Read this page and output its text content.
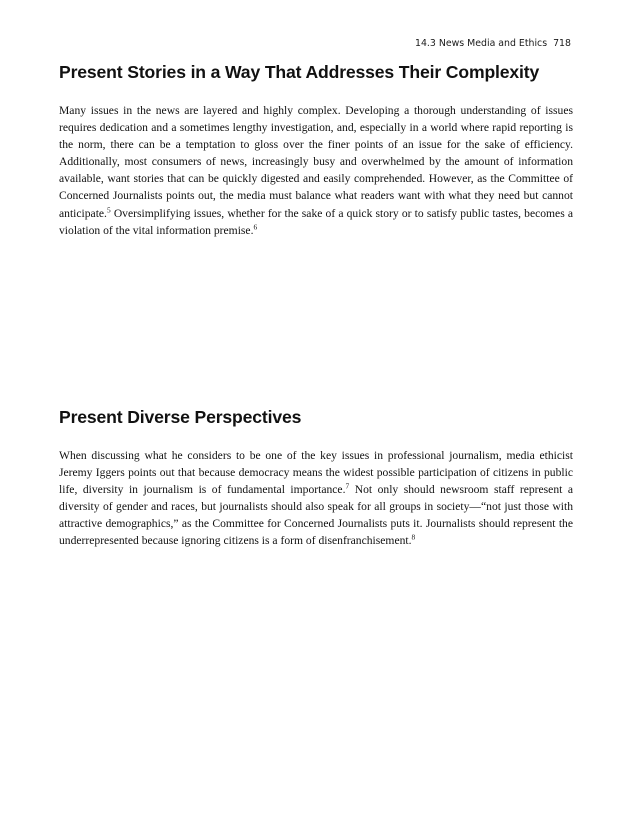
14.3 News Media and Ethics 718
Present Stories in a Way That Addresses Their Complexity

Many issues in the news are layered and highly complex. Developing a thorough understanding of issues requires dedication and a sometimes lengthy investigation, and, especially in a world where rapid reporting is the norm, there can be a temptation to gloss over the finer points of an issue for the sake of efficiency. Additionally, most consumers of news, increasingly busy and overwhelmed by the amount of information available, want stories that can be quickly digested and easily comprehended. However, as the Committee of Concerned Journalists points out, the media must balance what readers want with what they need but cannot anticipate.$^5$ Oversimplifying issues, whether for the sake of a quick story or to satisfy public tastes, becomes a violation of the vital information premise.$^6$

Present Diverse Perspectives

When discussing what he considers to be one of the key issues in professional journalism, media ethicist Jeremy Iggers points out that because democracy means the widest possible participation of citizens in public life, diversity in journalism is of fundamental importance.$^7$ Not only should newsroom staff represent a diversity of gender and races, but journalists should also speak for all groups in society—“not just those with attractive demographics,” as the Committee for Concerned Journalists puts it. Journalists should represent the underrepresented because ignoring citizens is a form of disenfranchisement.$^8$
